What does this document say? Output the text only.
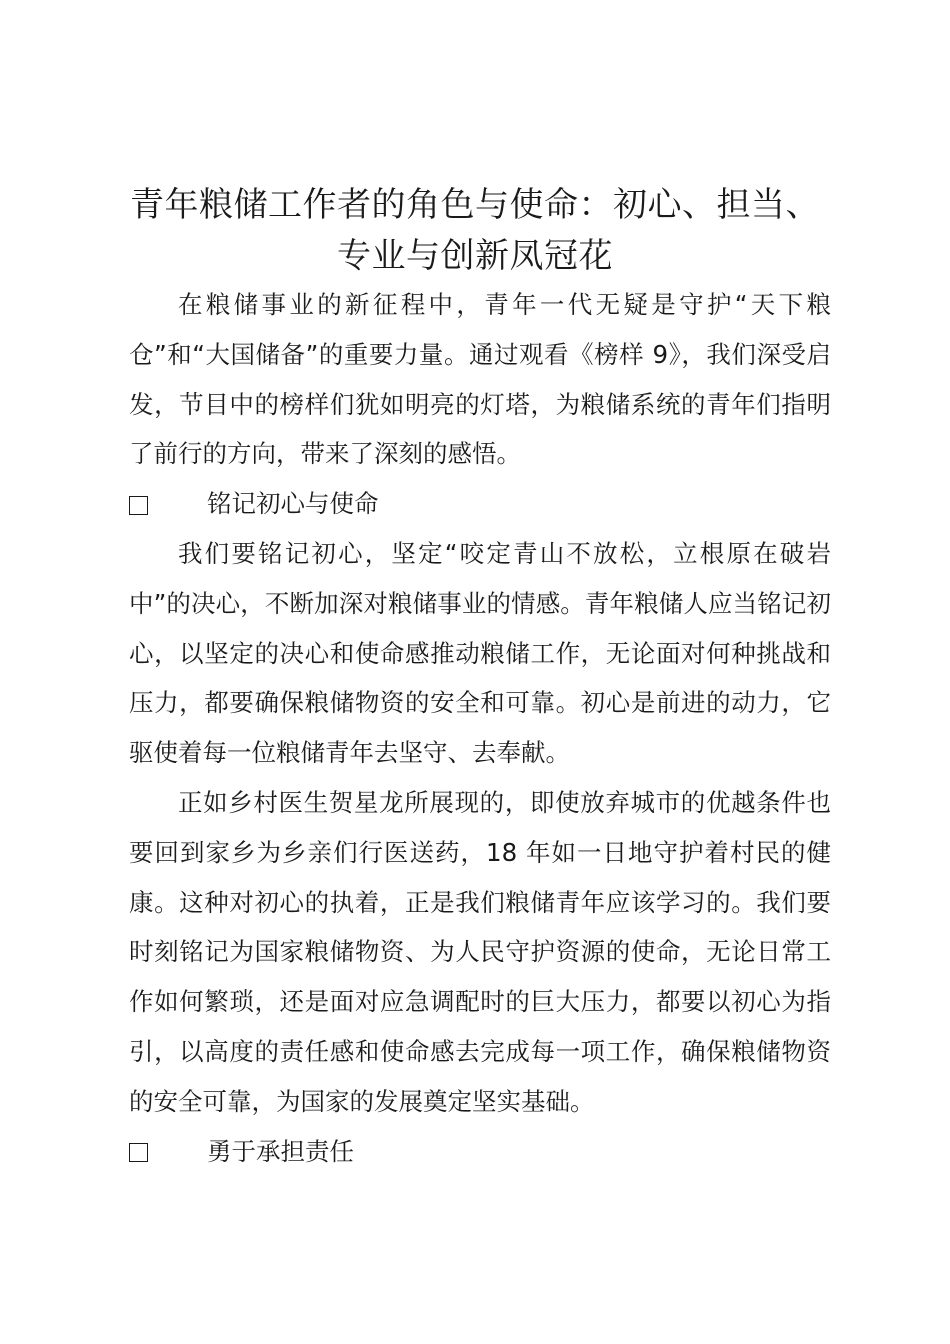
青年粮储工作者的角色与使命：初心、担当、
专业与创新凤冠花

在粮储事业的新征程中，青年一代无疑是守护“天下粮仓”和“大国储备”的重要力量。通过观看《榜样 9》，我们深受启发，节目中的榜样们犹如明亮的灯塔，为粮储系统的青年们指明了前行的方向，带来了深刻的感悟。

铭记初心与使命

我们要铭记初心，坚定“咬定青山不放松，立根原在破岩中”的决心，不断加深对粮储事业的情感。青年粮储人应当铭记初心，以坚定的决心和使命感推动粮储工作，无论面对何种挑战和压力，都要确保粮储物资的安全和可靠。初心是前进的动力，它驱使着每一位粮储青年去坚守、去奉献。

正如乡村医生贺星龙所展现的，即使放弃城市的优越条件也要回到家乡为乡亲们行医送药，18 年如一日地守护着村民的健康。这种对初心的执着，正是我们粮储青年应该学习的。我们要时刻铭记为国家粮储物资、为人民守护资源的使命，无论日常工作如何繁琐，还是面对应急调配时的巨大压力，都要以初心为指引，以高度的责任感和使命感去完成每一项工作，确保粮储物资的安全可靠，为国家的发展奠定坚实基础。

勇于承担责任
